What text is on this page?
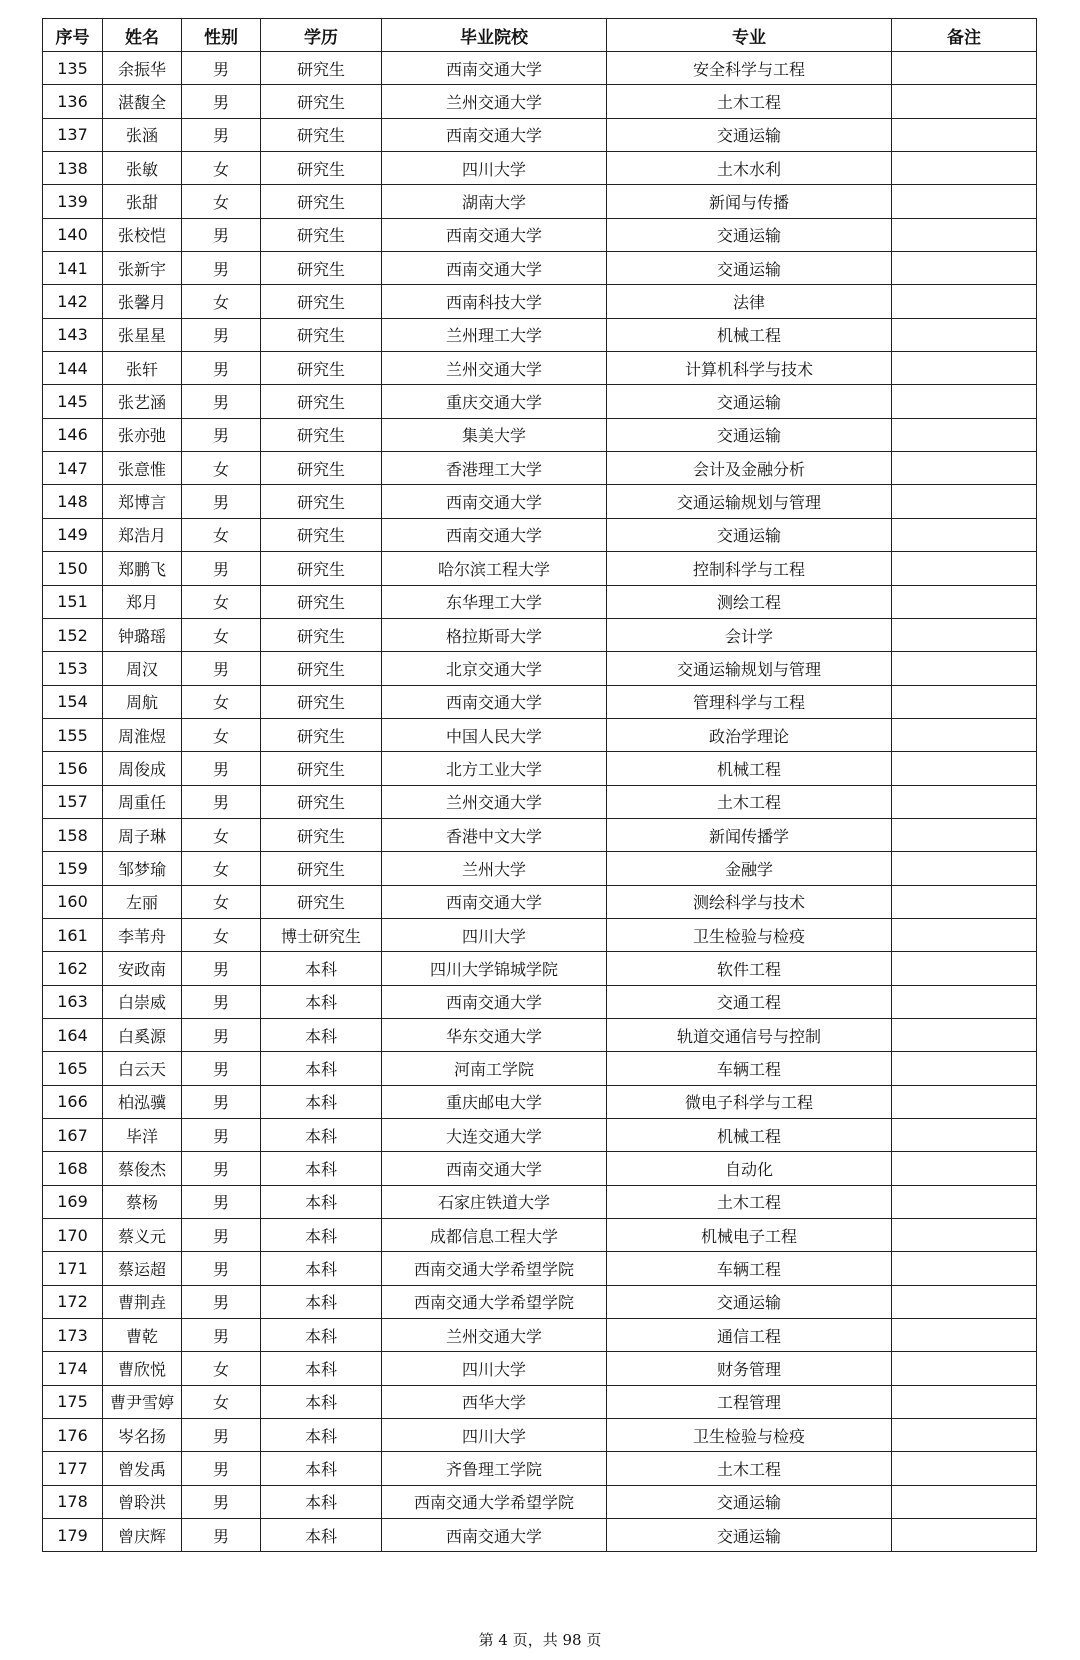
序号	姓名	性别	学历	毕业院校	专业	备注
135	余振华	男	研究生	西南交通大学	安全科学与工程	
136	湛馥全	男	研究生	兰州交通大学	土木工程	
137	张涵	男	研究生	西南交通大学	交通运输	
138	张敏	女	研究生	四川大学	土木水利	
139	张甜	女	研究生	湖南大学	新闻与传播	
140	张校恺	男	研究生	西南交通大学	交通运输	
141	张新宇	男	研究生	西南交通大学	交通运输	
142	张馨月	女	研究生	西南科技大学	法律	
143	张星星	男	研究生	兰州理工大学	机械工程	
144	张轩	男	研究生	兰州交通大学	计算机科学与技术	
145	张艺涵	男	研究生	重庆交通大学	交通运输	
146	张亦弛	男	研究生	集美大学	交通运输	
147	张意惟	女	研究生	香港理工大学	会计及金融分析	
148	郑博言	男	研究生	西南交通大学	交通运输规划与管理	
149	郑浩月	女	研究生	西南交通大学	交通运输	
150	郑鹏飞	男	研究生	哈尔滨工程大学	控制科学与工程	
151	郑月	女	研究生	东华理工大学	测绘工程	
152	钟璐瑶	女	研究生	格拉斯哥大学	会计学	
153	周汉	男	研究生	北京交通大学	交通运输规划与管理	
154	周航	女	研究生	西南交通大学	管理科学与工程	
155	周淮煜	女	研究生	中国人民大学	政治学理论	
156	周俊成	男	研究生	北方工业大学	机械工程	
157	周重任	男	研究生	兰州交通大学	土木工程	
158	周子琳	女	研究生	香港中文大学	新闻传播学	
159	邹梦瑜	女	研究生	兰州大学	金融学	
160	左丽	女	研究生	西南交通大学	测绘科学与技术	
161	李苇舟	女	博士研究生	四川大学	卫生检验与检疫	
162	安政南	男	本科	四川大学锦城学院	软件工程	
163	白崇威	男	本科	西南交通大学	交通工程	
164	白奚源	男	本科	华东交通大学	轨道交通信号与控制	
165	白云天	男	本科	河南工学院	车辆工程	
166	柏泓骥	男	本科	重庆邮电大学	微电子科学与工程	
167	毕洋	男	本科	大连交通大学	机械工程	
168	蔡俊杰	男	本科	西南交通大学	自动化	
169	蔡杨	男	本科	石家庄铁道大学	土木工程	
170	蔡义元	男	本科	成都信息工程大学	机械电子工程	
171	蔡运超	男	本科	西南交通大学希望学院	车辆工程	
172	曹荆垚	男	本科	西南交通大学希望学院	交通运输	
173	曹乾	男	本科	兰州交通大学	通信工程	
174	曹欣悦	女	本科	四川大学	财务管理	
175	曹尹雪婷	女	本科	西华大学	工程管理	
176	岑名扬	男	本科	四川大学	卫生检验与检疫	
177	曾发禹	男	本科	齐鲁理工学院	土木工程	
178	曾聆洪	男	本科	西南交通大学希望学院	交通运输	
179	曾庆辉	男	本科	西南交通大学	交通运输	
第 4 页，共 98 页
